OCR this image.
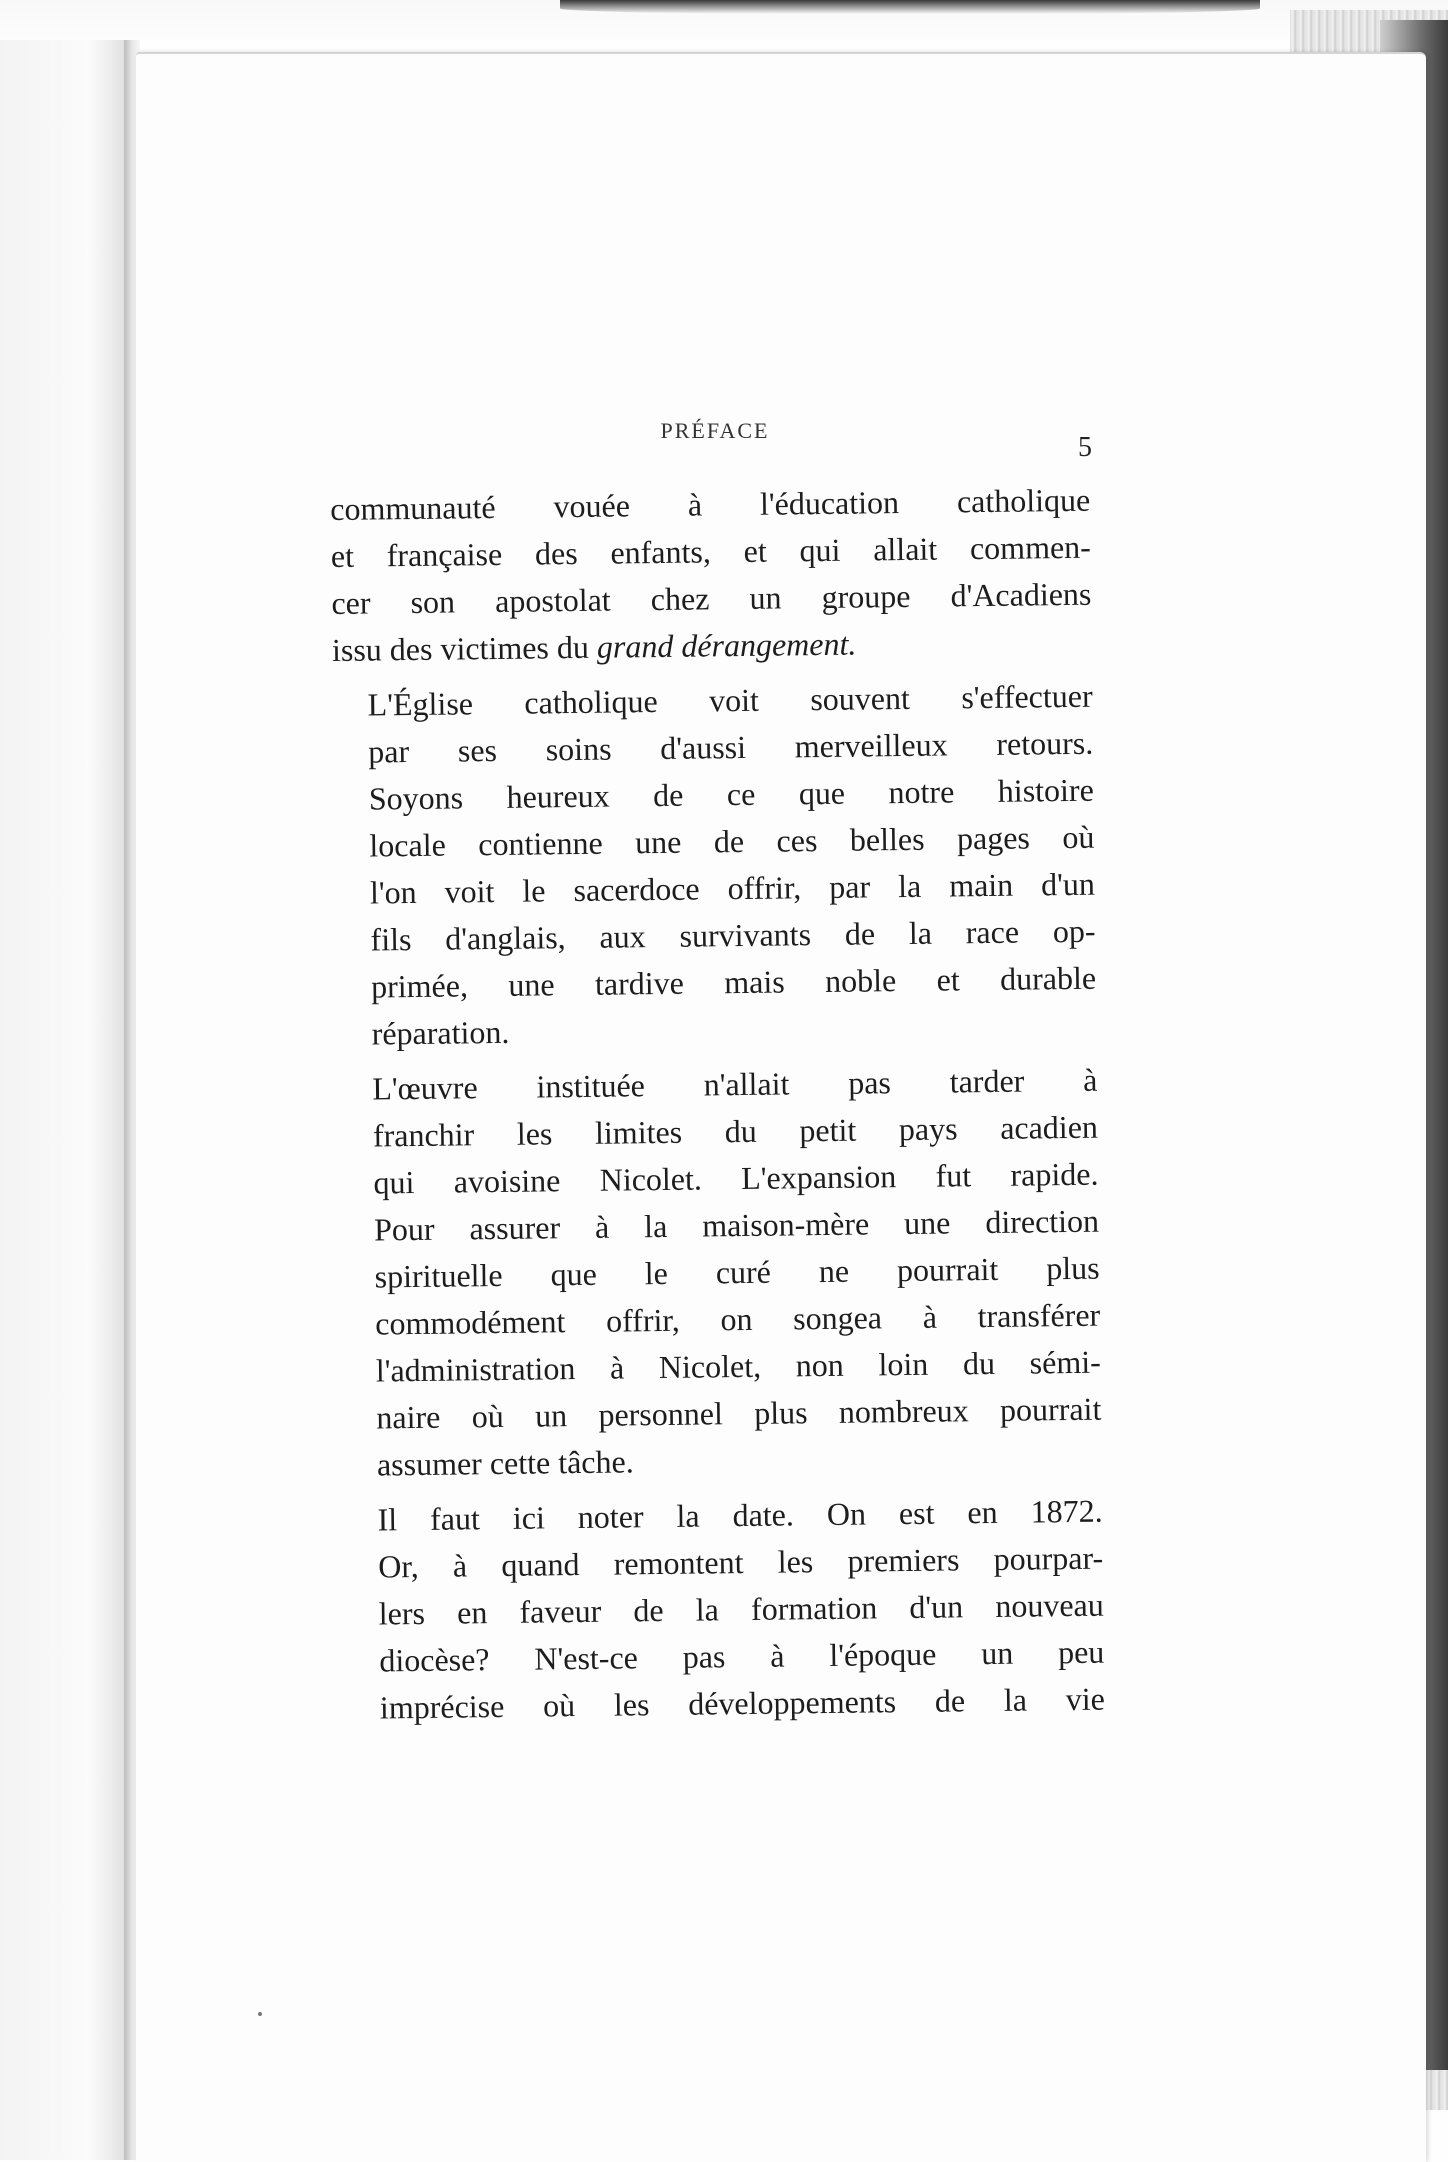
PRÉFACE
5

communauté vouée à l'éducation catholique
et française des enfants, et qui allait commen-
cer son apostolat chez un groupe d'Acadiens
issu des victimes du grand dérangement.

L'Église catholique voit souvent s'effectuer
par ses soins d'aussi merveilleux retours.
Soyons heureux de ce que notre histoire
locale contienne une de ces belles pages où
l'on voit le sacerdoce offrir, par la main d'un
fils d'anglais, aux survivants de la race op-
primée, une tardive mais noble et durable
réparation.

L'œuvre instituée n'allait pas tarder à
franchir les limites du petit pays acadien
qui avoisine Nicolet. L'expansion fut rapide.
Pour assurer à la maison-mère une direction
spirituelle que le curé ne pourrait plus
commodément offrir, on songea à transférer
l'administration à Nicolet, non loin du sémi-
naire où un personnel plus nombreux pourrait
assumer cette tâche.

Il faut ici noter la date. On est en 1872.
Or, à quand remontent les premiers pourpar-
lers en faveur de la formation d'un nouveau
diocèse? N'est-ce pas à l'époque un peu
imprécise où les développements de la vie
